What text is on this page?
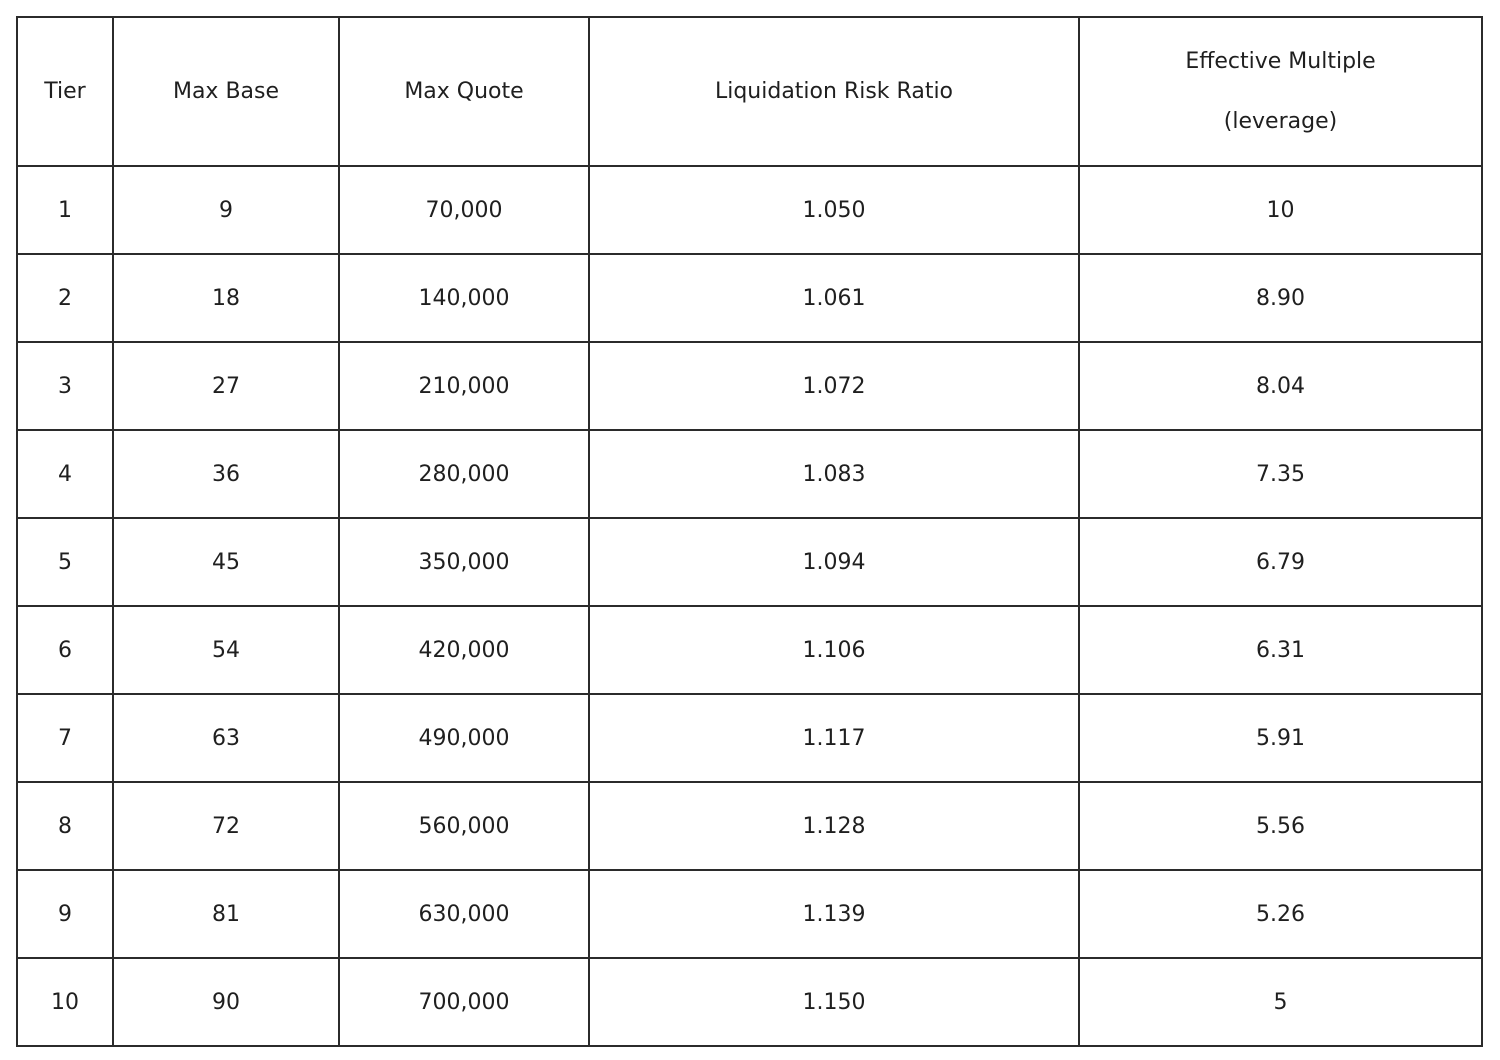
Tier	Max Base	Max Quote	Liquidation Risk Ratio	Effective Multiple
(leverage)

1	9	70,000	1.050	10
2	18	140,000	1.061	8.90
3	27	210,000	1.072	8.04
4	36	280,000	1.083	7.35
5	45	350,000	1.094	6.79
6	54	420,000	1.106	6.31
7	63	490,000	1.117	5.91
8	72	560,000	1.128	5.56
9	81	630,000	1.139	5.26
10	90	700,000	1.150	5
